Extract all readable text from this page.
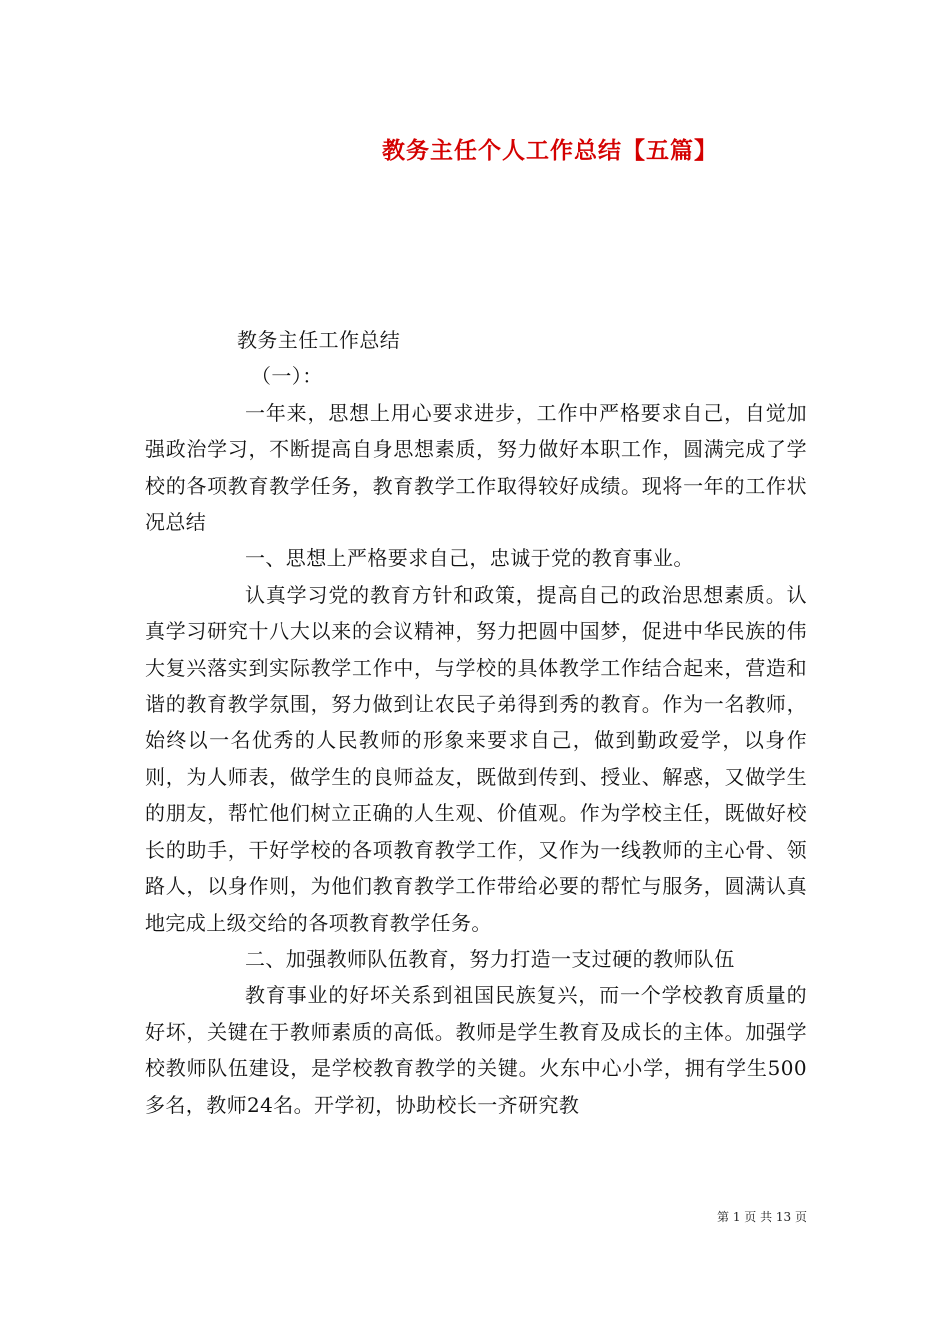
教务主任个人工作总结【五篇】

教务主任工作总结

（一）：

一年来，思想上用心要求进步，工作中严格要求自己，自觉加强政治学习，不断提高自身思想素质，努力做好本职工作，圆满完成了学校的各项教育教学任务，教育教学工作取得较好成绩。现将一年的工作状况总结

一、思想上严格要求自己，忠诚于党的教育事业。

认真学习党的教育方针和政策，提高自己的政治思想素质。认真学习研究十八大以来的会议精神，努力把圆中国梦，促进中华民族的伟大复兴落实到实际教学工作中，与学校的具体教学工作结合起来，营造和谐的教育教学氛围，努力做到让农民子弟得到秀的教育。作为一名教师，始终以一名优秀的人民教师的形象来要求自己，做到勤政爱学，以身作则，为人师表，做学生的良师益友，既做到传到、授业、解惑，又做学生的朋友，帮忙他们树立正确的人生观、价值观。作为学校主任，既做好校长的助手，干好学校的各项教育教学工作，又作为一线教师的主心骨、领路人，以身作则，为他们教育教学工作带给必要的帮忙与服务，圆满认真地完成上级交给的各项教育教学任务。

二、加强教师队伍教育，努力打造一支过硬的教师队伍

教育事业的好坏关系到祖国民族复兴，而一个学校教育质量的好坏，关键在于教师素质的高低。教师是学生教育及成长的主体。加强学校教师队伍建设，是学校教育教学的关键。火东中心小学，拥有学生500多名，教师24名。开学初，协助校长一齐研究教

第 1 页 共 13 页
